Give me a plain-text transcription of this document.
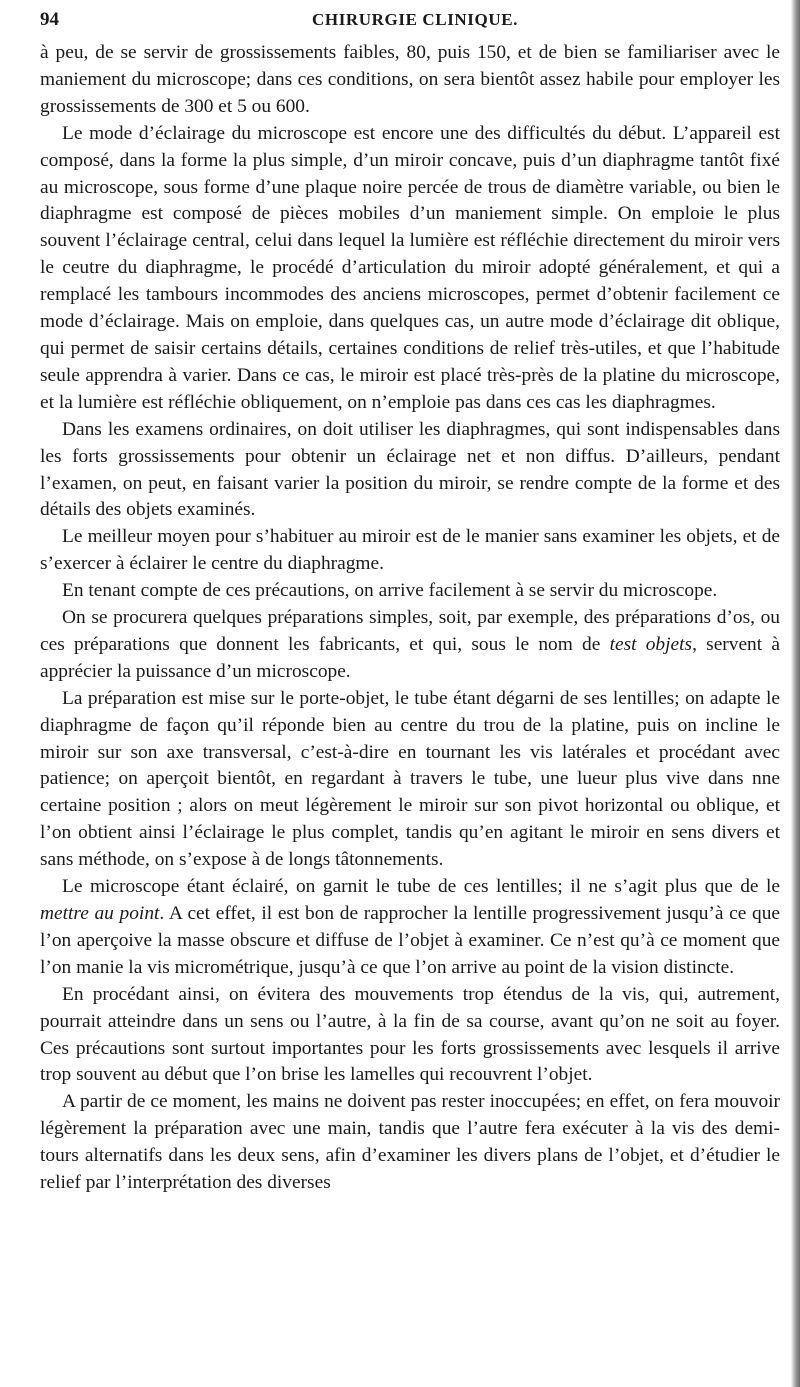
94	CHIRURGIE CLINIQUE.

à peu, de se servir de grossissements faibles, 80, puis 150, et de bien se familiariser avec le maniement du microscope; dans ces conditions, on sera bientôt assez habile pour employer les grossissements de 300 et 5 ou 600.

Le mode d’éclairage du microscope est encore une des difficultés du début. L’appareil est composé, dans la forme la plus simple, d’un miroir concave, puis d’un diaphragme tantôt fixé au microscope, sous forme d’une plaque noire percée de trous de diamètre variable, ou bien le diaphragme est composé de pièces mobiles d’un maniement simple. On emploie le plus souvent l’éclairage central, celui dans lequel la lumière est réfléchie directement du miroir vers le ceutre du diaphragme, le procédé d’articulation du miroir adopté généralement, et qui a remplacé les tambours incommodes des anciens microscopes, permet d’obtenir facilement ce mode d’éclairage. Mais on emploie, dans quelques cas, un autre mode d’éclairage dit oblique, qui permet de saisir certains détails, certaines conditions de relief très-utiles, et que l’habitude seule apprendra à varier. Dans ce cas, le miroir est placé très-près de la platine du microscope, et la lumière est réfléchie obliquement, on n’emploie pas dans ces cas les diaphragmes.

Dans les examens ordinaires, on doit utiliser les diaphragmes, qui sont indispensables dans les forts grossissements pour obtenir un éclairage net et non diffus. D’ailleurs, pendant l’examen, on peut, en faisant varier la position du miroir, se rendre compte de la forme et des détails des objets examinés.

Le meilleur moyen pour s’habituer au miroir est de le manier sans examiner les objets, et de s’exercer à éclairer le centre du diaphragme.

En tenant compte de ces précautions, on arrive facilement à se servir du microscope.

On se procurera quelques préparations simples, soit, par exemple, des préparations d’os, ou ces préparations que donnent les fabricants, et qui, sous le nom de test objets, servent à apprécier la puissance d’un microscope.

La préparation est mise sur le porte-objet, le tube étant dégarni de ses lentilles; on adapte le diaphragme de façon qu’il réponde bien au centre du trou de la platine, puis on incline le miroir sur son axe transversal, c’est-à-dire en tournant les vis latérales et procédant avec patience; on aperçoit bientôt, en regardant à travers le tube, une lueur plus vive dans nne certaine position ; alors on meut légèrement le miroir sur son pivot horizontal ou oblique, et l’on obtient ainsi l’éclairage le plus complet, tandis qu’en agitant le miroir en sens divers et sans méthode, on s’expose à de longs tâtonnements.

Le microscope étant éclairé, on garnit le tube de ces lentilles; il ne s’agit plus que de le mettre au point. A cet effet, il est bon de rapprocher la lentille progressivement jusqu’à ce que l’on aperçoive la masse obscure et diffuse de l’objet à examiner. Ce n’est qu’à ce moment que l’on manie la vis micrométrique, jusqu’à ce que l’on arrive au point de la vision distincte.

En procédant ainsi, on évitera des mouvements trop étendus de la vis, qui, autrement, pourrait atteindre dans un sens ou l’autre, à la fin de sa course, avant qu’on ne soit au foyer. Ces précautions sont surtout importantes pour les forts grossissements avec lesquels il arrive trop souvent au début que l’on brise les lamelles qui recouvrent l’objet.

A partir de ce moment, les mains ne doivent pas rester inoccupées; en effet, on fera mouvoir légèrement la préparation avec une main, tandis que l’autre fera exécuter à la vis des demi-tours alternatifs dans les deux sens, afin d’examiner les divers plans de l’objet, et d’étudier le relief par l’interprétation des diverses
